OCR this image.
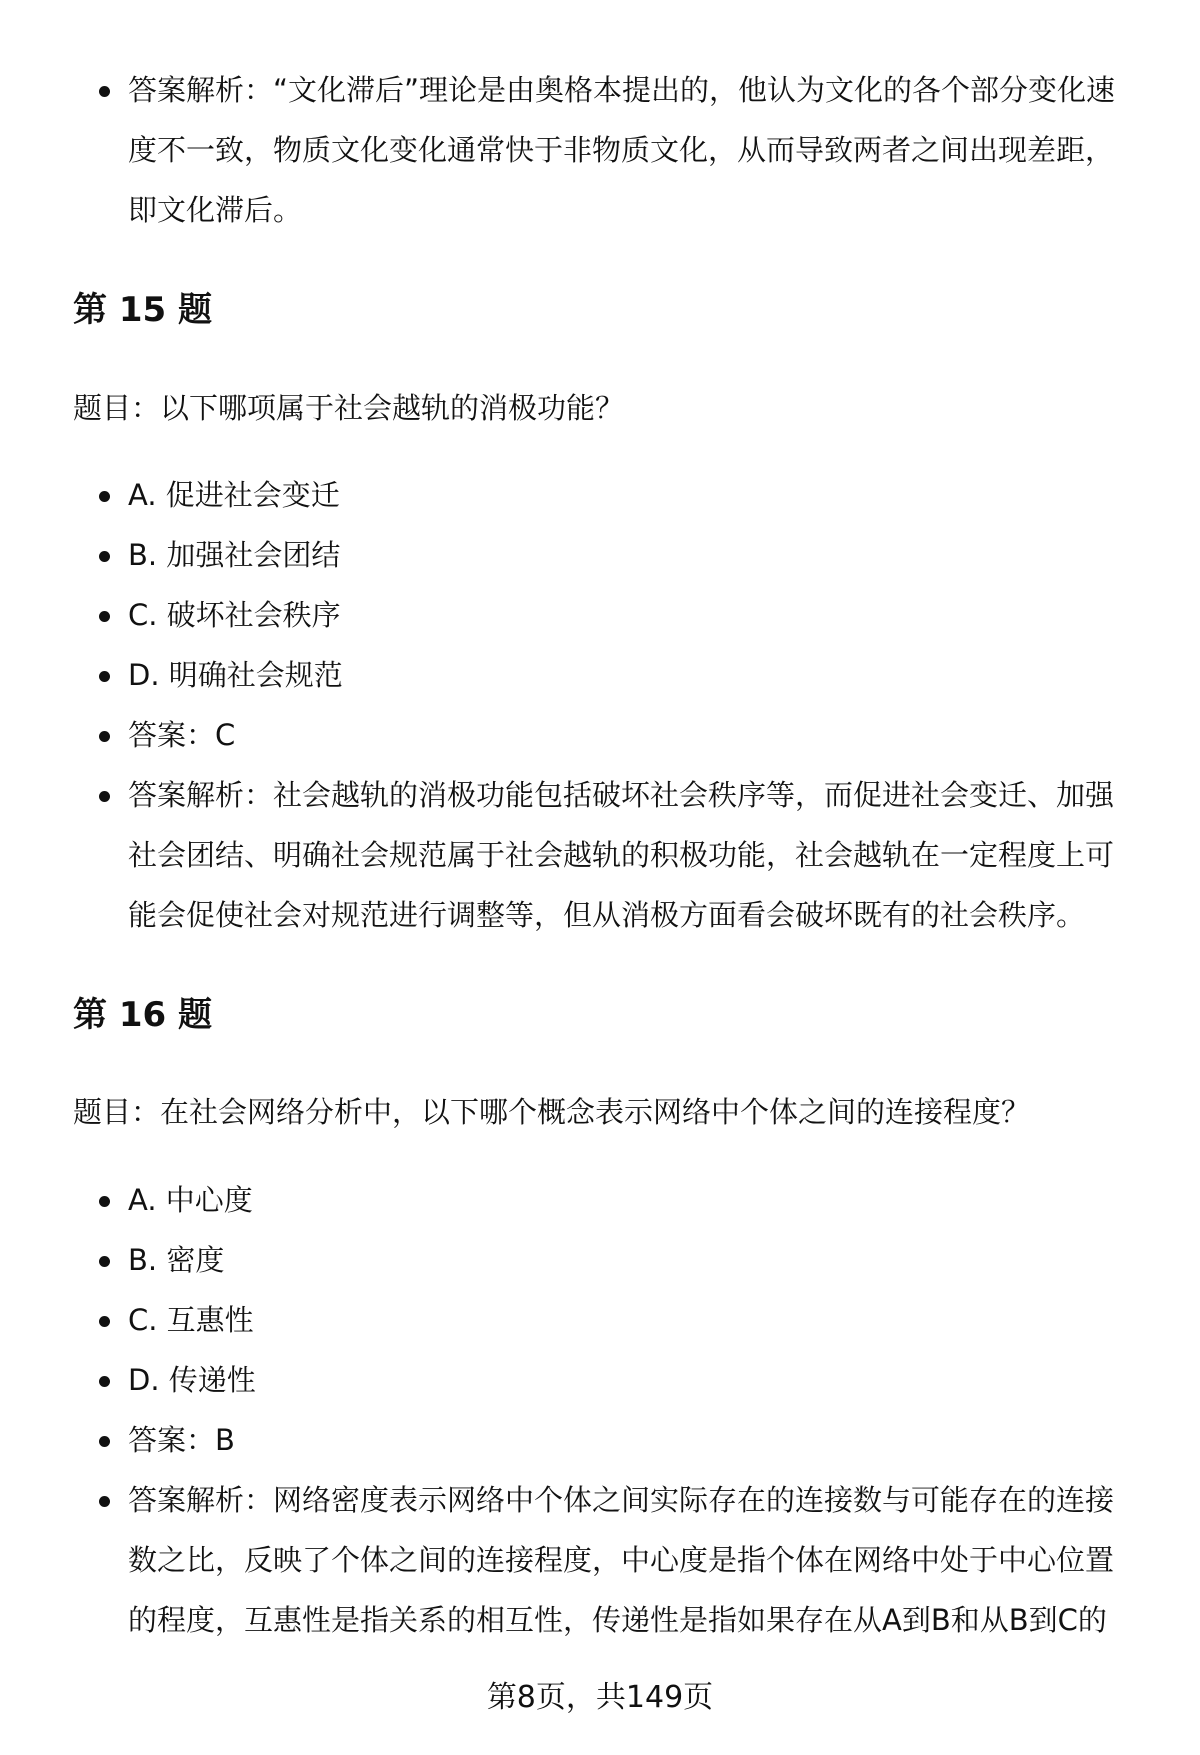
答案解析：“文化滞后”理论是由奥格本提出的，他认为文化的各个部分变化速度不一致，物质文化变化通常快于非物质文化，从而导致两者之间出现差距，即文化滞后。
第 15 题

题目：以下哪项属于社会越轨的消极功能？

A. 促进社会变迁
B. 加强社会团结
C. 破坏社会秩序
D. 明确社会规范
答案：C
答案解析：社会越轨的消极功能包括破坏社会秩序等，而促进社会变迁、加强社会团结、明确社会规范属于社会越轨的积极功能，社会越轨在一定程度上可能会促使社会对规范进行调整等，但从消极方面看会破坏既有的社会秩序。
第 16 题

题目：在社会网络分析中，以下哪个概念表示网络中个体之间的连接程度？

A. 中心度
B. 密度
C. 互惠性
D. 传递性
答案：B
答案解析：网络密度表示网络中个体之间实际存在的连接数与可能存在的连接数之比，反映了个体之间的连接程度，中心度是指个体在网络中处于中心位置的程度，互惠性是指关系的相互性，传递性是指如果存在从A到B和从B到C的
第8页，共149页
